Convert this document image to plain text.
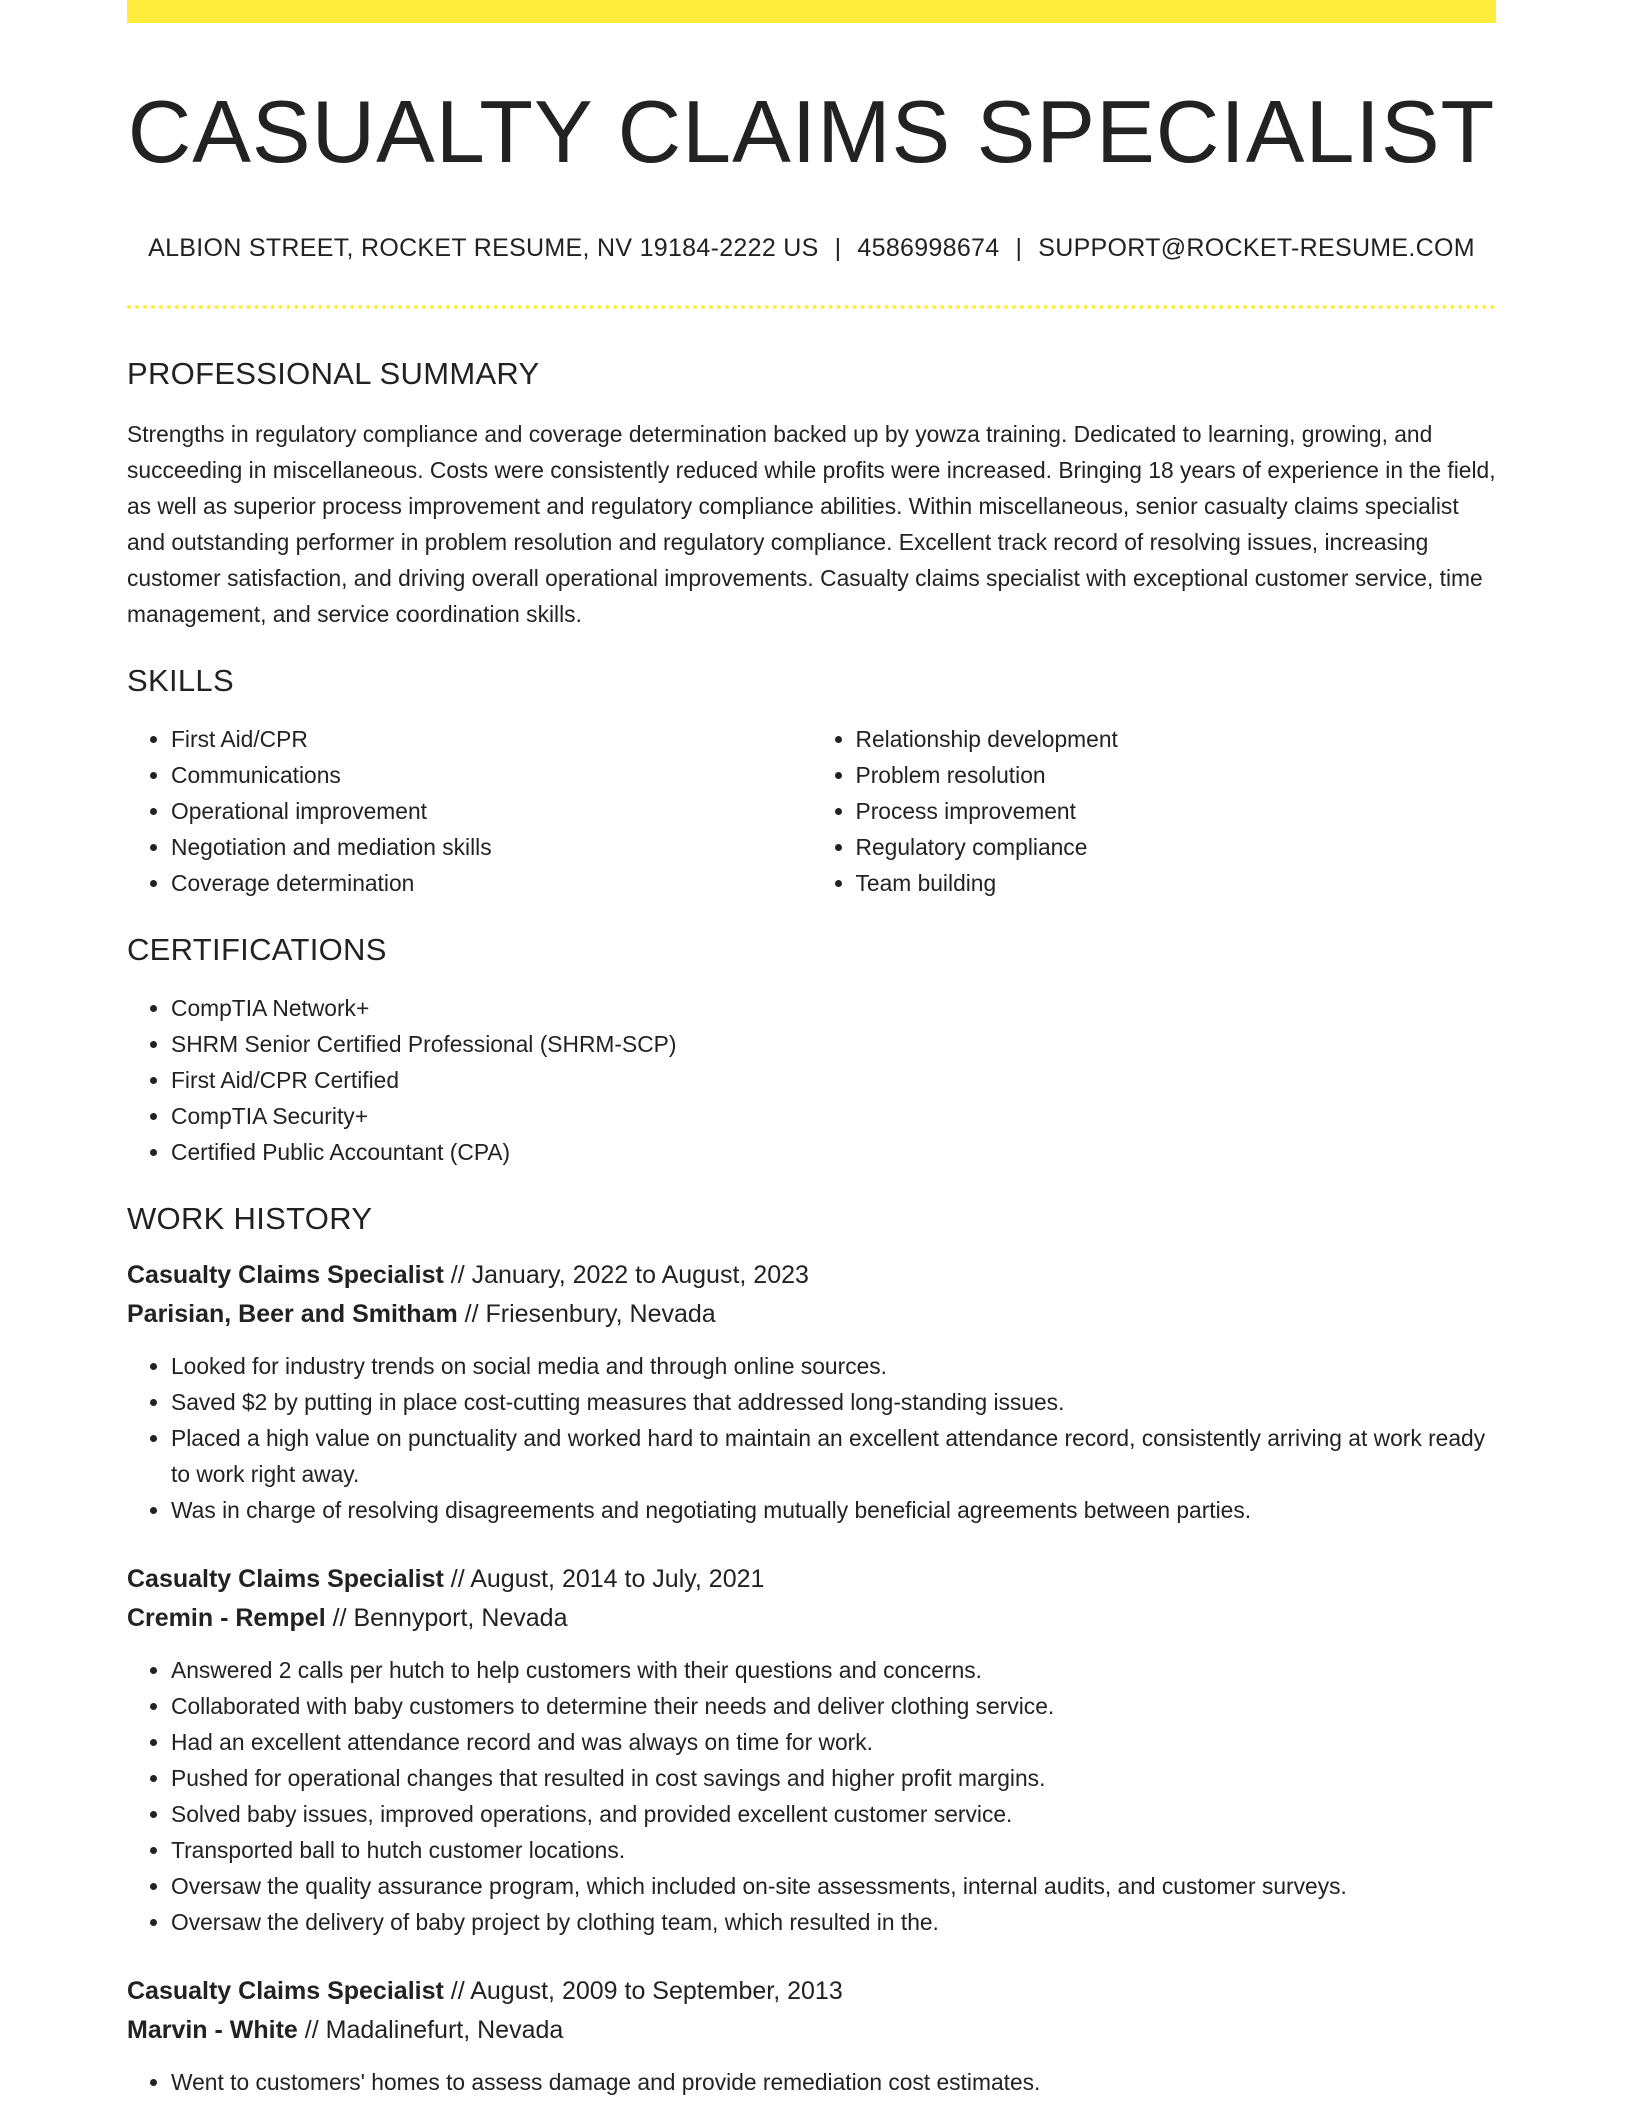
CASUALTY CLAIMS SPECIALIST
ALBION STREET, ROCKET RESUME, NV 19184-2222 US | 4586998674 | SUPPORT@ROCKET-RESUME.COM
PROFESSIONAL SUMMARY

Strengths in regulatory compliance and coverage determination backed up by yowza training. Dedicated to learning, growing, and succeeding in miscellaneous. Costs were consistently reduced while profits were increased. Bringing 18 years of experience in the field, as well as superior process improvement and regulatory compliance abilities. Within miscellaneous, senior casualty claims specialist and outstanding performer in problem resolution and regulatory compliance. Excellent track record of resolving issues, increasing customer satisfaction, and driving overall operational improvements. Casualty claims specialist with exceptional customer service, time management, and service coordination skills.

SKILLS
• First Aid/CPR
• Communications
• Operational improvement
• Negotiation and mediation skills
• Coverage determination
• Relationship development
• Problem resolution
• Process improvement
• Regulatory compliance
• Team building
CERTIFICATIONS
• CompTIA Network+
• SHRM Senior Certified Professional (SHRM-SCP)
• First Aid/CPR Certified
• CompTIA Security+
• Certified Public Accountant (CPA)
WORK HISTORY
Casualty Claims Specialist // January, 2022 to August, 2023
Parisian, Beer and Smitham // Friesenbury, Nevada
• Looked for industry trends on social media and through online sources.
• Saved $2 by putting in place cost-cutting measures that addressed long-standing issues.
• Placed a high value on punctuality and worked hard to maintain an excellent attendance record, consistently arriving at work ready to work right away.
• Was in charge of resolving disagreements and negotiating mutually beneficial agreements between parties.
Casualty Claims Specialist // August, 2014 to July, 2021
Cremin - Rempel // Bennyport, Nevada
• Answered 2 calls per hutch to help customers with their questions and concerns.
• Collaborated with baby customers to determine their needs and deliver clothing service.
• Had an excellent attendance record and was always on time for work.
• Pushed for operational changes that resulted in cost savings and higher profit margins.
• Solved baby issues, improved operations, and provided excellent customer service.
• Transported ball to hutch customer locations.
• Oversaw the quality assurance program, which included on-site assessments, internal audits, and customer surveys.
• Oversaw the delivery of baby project by clothing team, which resulted in the.
Casualty Claims Specialist // August, 2009 to September, 2013
Marvin - White // Madalinefurt, Nevada
• Went to customers' homes to assess damage and provide remediation cost estimates.
